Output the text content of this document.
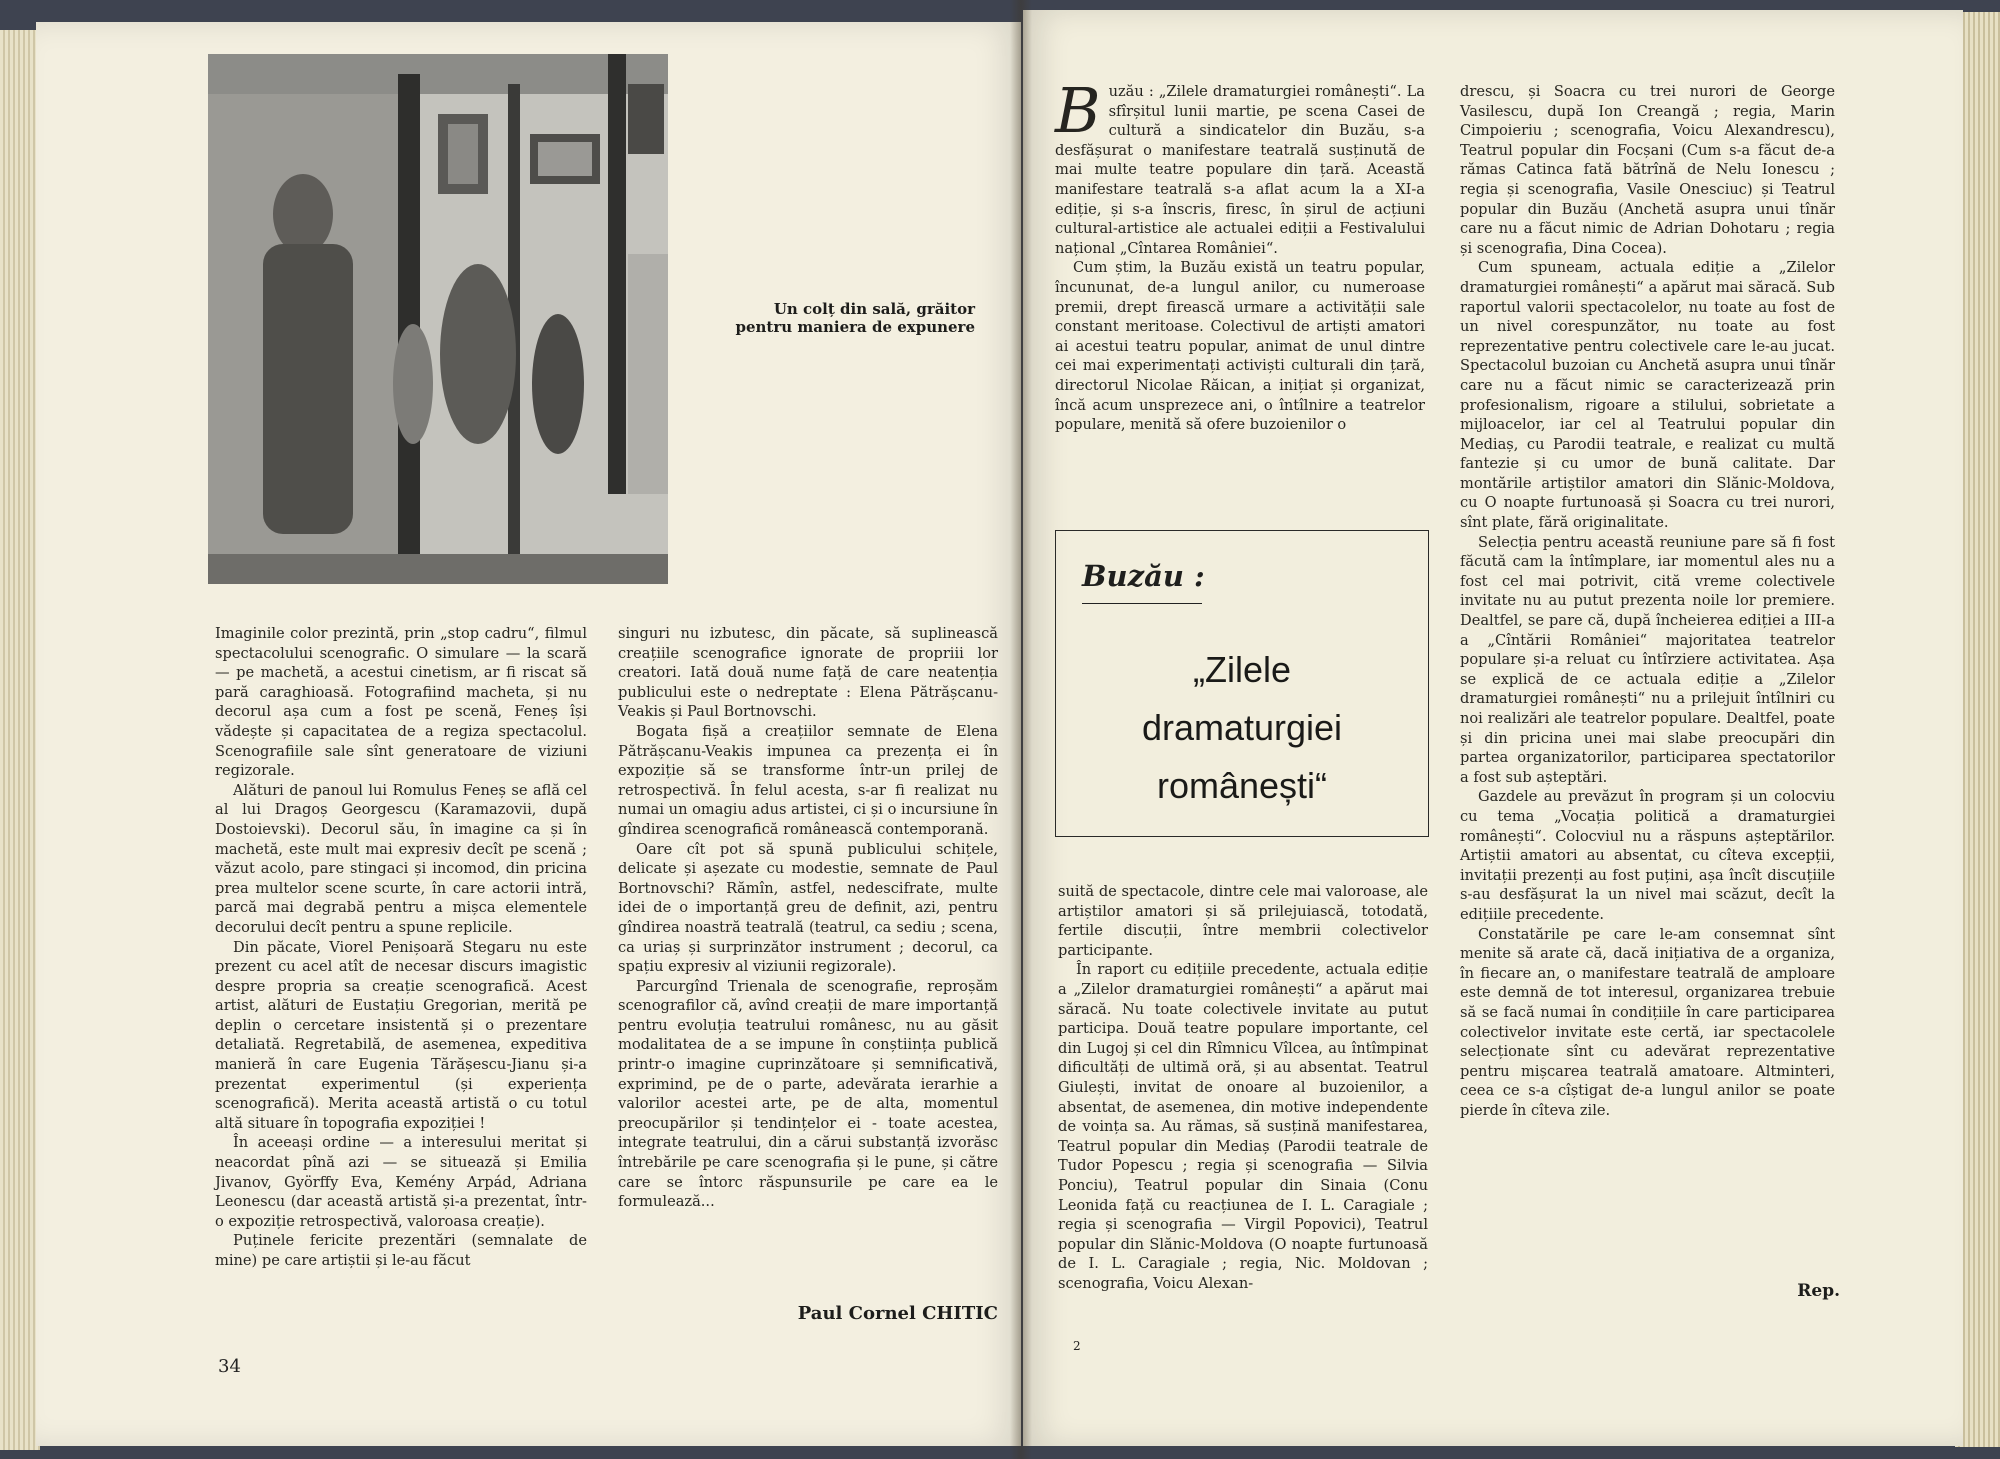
Un colț din sală, grăitor pentru maniera de expunere

Imaginile color prezintă, prin „stop cadru“, filmul spectacolului scenografic. O simulare — la scară — pe machetă, a acestui cinetism, ar fi riscat să pară caraghioasă. Fotografiind macheta, și nu decorul așa cum a fost pe scenă, Feneș își vădește și capacitatea de a regiza spectacolul. Scenografiile sale sînt generatoare de viziuni regizorale.

Alături de panoul lui Romulus Feneș se află cel al lui Dragoș Georgescu (Karamazovii, după Dostoievski). Decorul său, în imagine ca și în machetă, este mult mai expresiv decît pe scenă ; văzut acolo, pare stingaci și incomod, din pricina prea multelor scene scurte, în care actorii intră, parcă mai degrabă pentru a mișca elementele decorului decît pentru a spune replicile.

Din păcate, Viorel Penișoară Stegaru nu este prezent cu acel atît de necesar discurs imagistic despre propria sa creație scenografică. Acest artist, alături de Eustațiu Gregorian, merită pe deplin o cercetare insistentă și o prezentare detaliată. Regretabilă, de asemenea, expeditiva manieră în care Eugenia Tărășescu-Jianu și-a prezentat experimentul (și experiența scenografică). Merita această artistă o cu totul altă situare în topografia expoziției !

În aceeași ordine — a interesului meritat și neacordat pînă azi — se situează și Emilia Jivanov, Györffy Eva, Kemény Arpád, Adriana Leonescu (dar această artistă și-a prezentat, într-o expoziție retrospectivă, valoroasa creație).

Puținele fericite prezentări (semnalate de mine) pe care artiștii și le-au făcut

singuri nu izbutesc, din păcate, să suplinească creațiile scenografice ignorate de propriii lor creatori. Iată două nume față de care neatenția publicului este o nedreptate : Elena Pătrășcanu-Veakis și Paul Bortnovschi.

Bogata fișă a creațiilor semnate de Elena Pătrășcanu-Veakis impunea ca prezența ei în expoziție să se transforme într-un prilej de retrospectivă. În felul acesta, s-ar fi realizat nu numai un omagiu adus artistei, ci și o incursiune în gîndirea scenografică românească contemporană.

Oare cît pot să spună publicului schițele, delicate și așezate cu modestie, semnate de Paul Bortnovschi? Rămîn, astfel, nedescifrate, multe idei de o importanță greu de definit, azi, pentru gîndirea noastră teatrală (teatrul, ca sediu ; scena, ca uriaș și surprinzător instrument ; decorul, ca spațiu expresiv al viziunii regizorale).

Parcurgînd Trienala de scenografie, reproșăm scenografilor că, avînd creații de mare importanță pentru evoluția teatrului românesc, nu au găsit modalitatea de a se impune în conștiința publică printr-o imagine cuprinzătoare și semnificativă, exprimind, pe de o parte, adevărata ierarhie a valorilor acestei arte, pe de alta, momentul preocupărilor și tendințelor ei - toate acestea, integrate teatrului, din a cărui substanță izvorăsc întrebările pe care scenografia și le pune, și către care se întorc răspunsurile pe care ea le formulează...

Paul Cornel CHITIC
34
B uzău : „Zilele dramaturgiei românești“. La sfîrșitul lunii martie, pe scena Casei de cultură a sindicatelor din Buzău, s-a desfășurat o manifestare teatrală susținută de mai multe teatre populare din țară. Această manifestare teatrală s-a aflat acum la a XI-a ediție, și s-a înscris, firesc, în șirul de acțiuni cultural-artistice ale actualei ediții a Festivalului național „Cîntarea României“.

Cum știm, la Buzău există un teatru popular, încununat, de-a lungul anilor, cu numeroase premii, drept firească urmare a activității sale constant meritoase. Colectivul de artiști amatori ai acestui teatru popular, animat de unul dintre cei mai experimentați activiști culturali din țară, directorul Nicolae Răican, a inițiat și organizat, încă acum unsprezece ani, o întîlnire a teatrelor populare, menită să ofere buzoienilor o

Buzău :
„Zilele
dramaturgiei
românești“

suită de spectacole, dintre cele mai valoroase, ale artiștilor amatori și să prilejuiască, totodată, fertile discuții, între membrii colectivelor participante.

În raport cu edițiile precedente, actuala ediție a „Zilelor dramaturgiei românești“ a apărut mai săracă. Nu toate colectivele invitate au putut participa. Două teatre populare importante, cel din Lugoj și cel din Rîmnicu Vîlcea, au întîmpinat dificultăți de ultimă oră, și au absentat. Teatrul Giulești, invitat de onoare al buzoienilor, a absentat, de asemenea, din motive independente de voința sa. Au rămas, să susțină manifestarea, Teatrul popular din Mediaș (Parodii teatrale de Tudor Popescu ; regia și scenografia — Silvia Ponciu), Teatrul popular din Sinaia (Conu Leonida față cu reacțiunea de I. L. Caragiale ; regia și scenografia — Virgil Popovici), Teatrul popular din Slănic-Moldova (O noapte furtunoasă de I. L. Caragiale ; regia, Nic. Moldovan ; scenografia, Voicu Alexan-

drescu, și Soacra cu trei nurori de George Vasilescu, după Ion Creangă ; regia, Marin Cimpoieriu ; scenografia, Voicu Alexandrescu), Teatrul popular din Focșani (Cum s-a făcut de-a rămas Catinca fată bătrînă de Nelu Ionescu ; regia și scenografia, Vasile Onesciuc) și Teatrul popular din Buzău (Anchetă asupra unui tînăr care nu a făcut nimic de Adrian Dohotaru ; regia și scenografia, Dina Cocea).

Cum spuneam, actuala ediție a „Zilelor dramaturgiei românești“ a apărut mai săracă. Sub raportul valorii spectacolelor, nu toate au fost de un nivel corespunzător, nu toate au fost reprezentative pentru colectivele care le-au jucat. Spectacolul buzoian cu Anchetă asupra unui tînăr care nu a făcut nimic se caracterizează prin profesionalism, rigoare a stilului, sobrietate a mijloacelor, iar cel al Teatrului popular din Mediaș, cu Parodii teatrale, e realizat cu multă fantezie și cu umor de bună calitate. Dar montările artiștilor amatori din Slănic-Moldova, cu O noapte furtunoasă și Soacra cu trei nurori, sînt plate, fără originalitate.

Selecția pentru această reuniune pare să fi fost făcută cam la întîmplare, iar momentul ales nu a fost cel mai potrivit, cită vreme colectivele invitate nu au putut prezenta noile lor premiere. Dealtfel, se pare că, după încheierea ediției a III-a a „Cîntării României“ majoritatea teatrelor populare și-a reluat cu întîrziere activitatea. Așa se explică de ce actuala ediție a „Zilelor dramaturgiei românești“ nu a prilejuit întîlniri cu noi realizări ale teatrelor populare. Dealtfel, poate și din pricina unei mai slabe preocupări din partea organizatorilor, participarea spectatorilor a fost sub așteptări.

Gazdele au prevăzut în program și un colocviu cu tema „Vocația politică a dramaturgiei românești“. Colocviul nu a răspuns așteptărilor. Artiștii amatori au absentat, cu cîteva excepții, invitații prezenți au fost puțini, așa încît discuțiile s-au desfășurat la un nivel mai scăzut, decît la edițiile precedente.

Constatările pe care le-am consemnat sînt menite să arate că, dacă inițiativa de a organiza, în fiecare an, o manifestare teatrală de amploare este demnă de tot interesul, organizarea trebuie să se facă numai în condițiile în care participarea colectivelor invitate este certă, iar spectacolele selecționate sînt cu adevărat reprezentative pentru mișcarea teatrală amatoare. Altminteri, ceea ce s-a cîștigat de-a lungul anilor se poate pierde în cîteva zile.

Rep.
2
